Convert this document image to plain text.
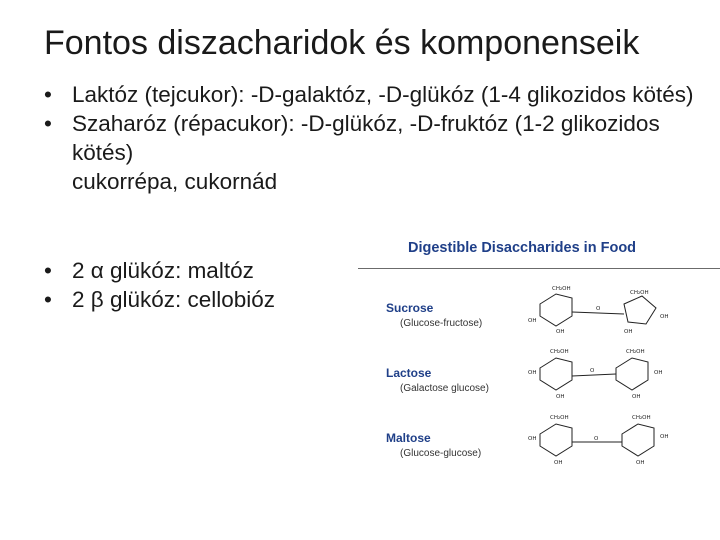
Fontos diszacharidok és komponenseik
• Laktóz (tejcukor): -D-galaktóz, -D-glükóz (1-4 glikozidos kötés)
• Szaharóz (répacukor): -D-glükóz, -D-fruktóz (1-2 glikozidos kötés)
cukorrépa, cukornád
• 2 α glükóz: maltóz
• 2 β glükóz: cellobióz
Digestible Disaccharides in Food
Sucrose
(Glucose-fructose)
CH₂OH
CH₂OH
OH	OH
OH
O
OH
Lactose
(Galactose glucose)
CH₂OH	CH₂OH
OH	O	OH
OH	OH
Maltose
(Glucose-glucose)
CH₂OH	CH₂OH
OH	O	OH
OH	OH
